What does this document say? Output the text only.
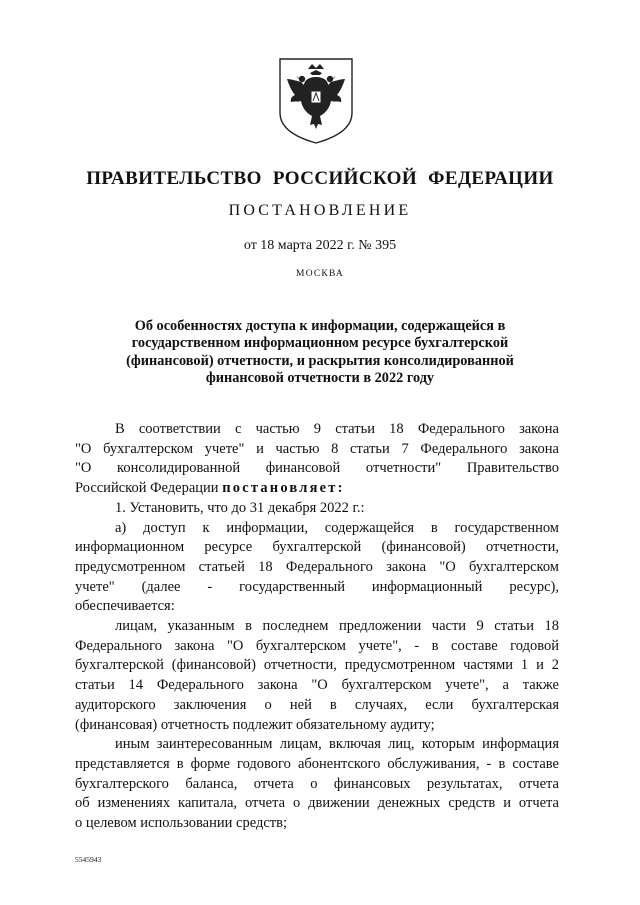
ПРАВИТЕЛЬСТВО РОССИЙСКОЙ ФЕДЕРАЦИИ
ПОСТАНОВЛЕНИЕ
от 18 марта 2022 г. № 395
МОСКВА
Об особенностях доступа к информации, содержащейся в
государственном информационном ресурсе бухгалтерской
(финансовой) отчетности, и раскрытия консолидированной
финансовой отчетности в 2022 году
В соответствии с частью 9 статьи 18 Федерального закона
"О бухгалтерском учете" и частью 8 статьи 7 Федерального закона
"О консолидированной финансовой отчетности" Правительство
Российской Федерации постановляет:
1. Установить, что до 31 декабря 2022 г.:
а) доступ к информации, содержащейся в государственном
информационном ресурсе бухгалтерской (финансовой) отчетности,
предусмотренном статьей 18 Федерального закона "О бухгалтерском
учете" (далее - государственный информационный ресурс),
обеспечивается:
лицам, указанным в последнем предложении части 9 статьи 18
Федерального закона "О бухгалтерском учете", - в составе годовой
бухгалтерской (финансовой) отчетности, предусмотренном частями 1 и 2
статьи 14 Федерального закона "О бухгалтерском учете", а также
аудиторского заключения о ней в случаях, если бухгалтерская
(финансовая) отчетность подлежит обязательному аудиту;
иным заинтересованным лицам, включая лиц, которым информация
представляется в форме годового абонентского обслуживания, - в составе
бухгалтерского баланса, отчета о финансовых результатах, отчета
об изменениях капитала, отчета о движении денежных средств и отчета
о целевом использовании средств;
5545943
